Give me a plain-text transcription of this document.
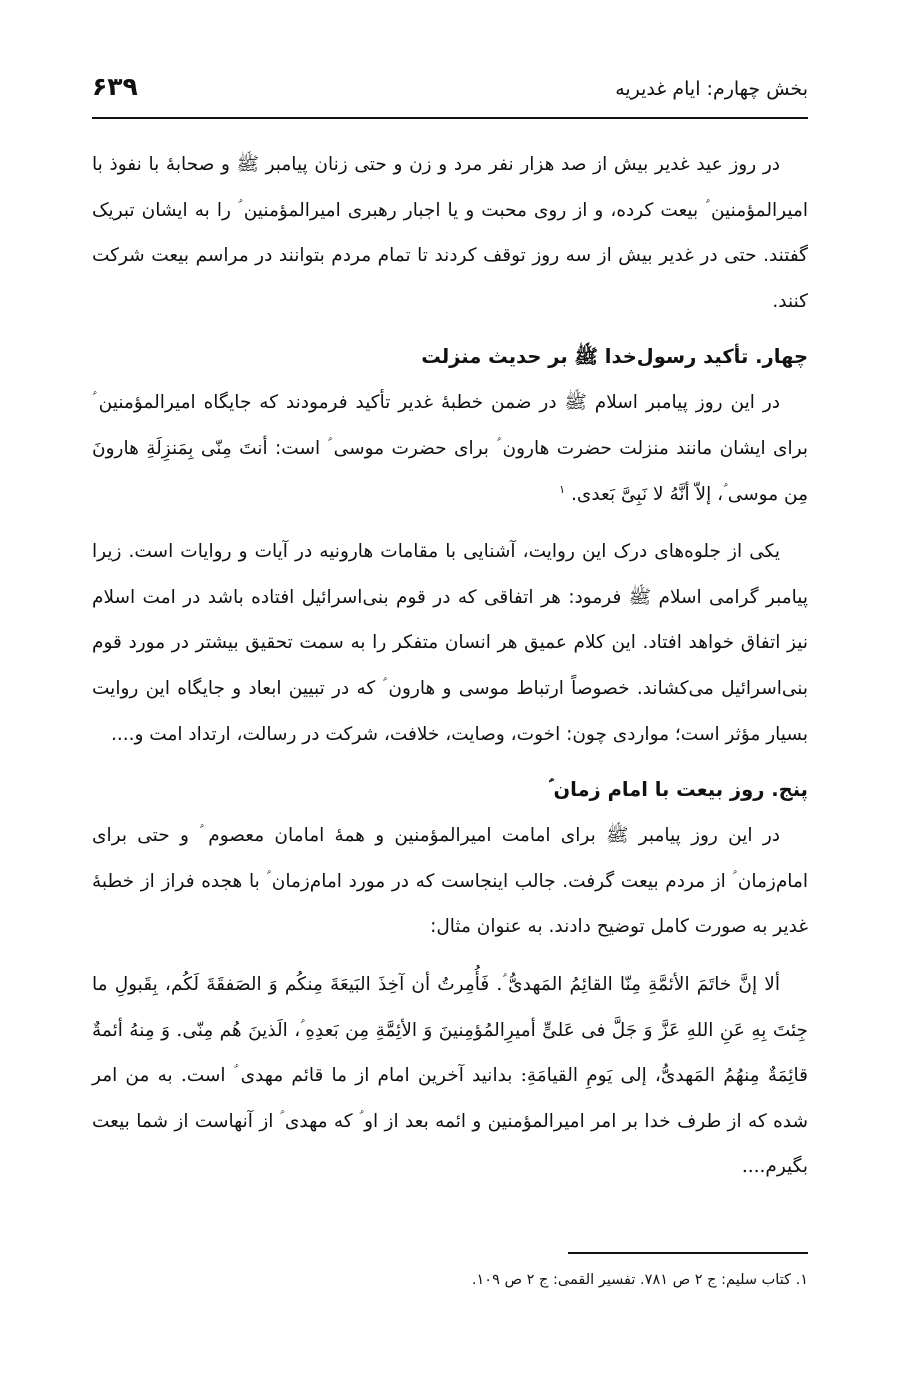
بخش چهارم: ایام غدیریه
۶۳۹

در روز عید غدیر بیش از صد هزار نفر مرد و زن و حتی زنان پیامبر ﷺ و صحابهٔ با نفوذ با امیرالمؤمنین ؑ بیعت کرده، و از روی محبت و یا اجبار رهبری امیرالمؤمنین ؑ را به ایشان تبریک گفتند. حتی در غدیر بیش از سه روز توقف کردند تا تمام مردم بتوانند در مراسم بیعت شرکت کنند.

چهار. تأکید رسول‌خدا ﷺ بر حدیث منزلت

در این روز پیامبر اسلام ﷺ در ضمن خطبهٔ غدیر تأکید فرمودند که جایگاه امیرالمؤمنین ؑ برای ایشان مانند منزلت حضرت هارون ؑ برای حضرت موسی ؑ است: أنتَ مِنّی بِمَنزِلَةِ هارونَ مِن موسی ؑ، إلاّ أنَّهُ لا نَبِیَّ بَعدی. $^۱$

یکی از جلوه‌های درک این روایت، آشنایی با مقامات هارونیه در آیات و روایات است. زیرا پیامبر گرامی اسلام ﷺ فرمود: هر اتفاقی که در قوم بنی‌اسرائیل افتاده باشد در امت اسلام نیز اتفاق خواهد افتاد. این کلام عمیق هر انسان متفکر را به سمت تحقیق بیشتر در مورد قوم بنی‌اسرائیل می‌کشاند. خصوصاً ارتباط موسی و هارون ؑ که در تبیین ابعاد و جایگاه این روایت بسیار مؤثر است؛ مواردی چون: اخوت، وصایت، خلافت، شرکت در رسالت، ارتداد امت و....

پنج. روز بیعت با امام زمان ؑ

در این روز پیامبر ﷺ برای امامت امیرالمؤمنین و همهٔ امامان معصوم ؑ و حتی برای امام‌زمان ؑ از مردم بیعت گرفت. جالب اینجاست که در مورد امام‌زمان ؑ با هجده فراز از خطبهٔ غدیر به صورت کامل توضیح دادند. به عنوان مثال:

ألا إنَّ خاتَمَ الأئمَّةِ مِنّا القائِمُ المَهدیُّ ؑ. فَأُمِرتُ أن آخِذَ البَیعَةَ مِنکُم وَ الصَفقَةَ لَکُم، بِقَبولِ ما جِئتَ بِهِ عَنِ اللهِ عَزَّ وَ جَلَّ فی عَلیٍّ أمیرِالمُؤمِنینَ وَ الأئِمَّةِ مِن بَعدِهِ ؑ، الَذینَ هُم مِنّی. وَ مِنهُ أئمةٌ قائِمَةٌ مِنهُمُ المَهدیُّ، إلی یَومِ القیامَةِ: بدانید آخرین امام از ما قائم مهدی ؑ است. به من امر شده که از طرف خدا بر امر امیرالمؤمنین و ائمه بعد از او ؑ که مهدی ؑ از آنهاست از شما بیعت بگیرم....

۱. کتاب سلیم: ج ۲ ص ۷۸۱. تفسیر القمی: ج ۲ ص ۱۰۹.
